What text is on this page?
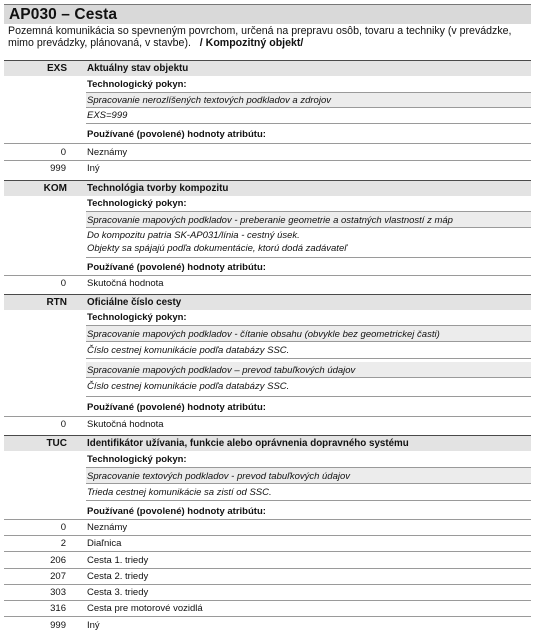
AP030 – Cesta
Pozemná komunikácia so spevneným povrchom, určená na prepravu osôb, tovaru a techniky (v prevádzke, mimo prevádzky, plánovaná, v stavbe). / Kompozitný objekt/
EXS Aktuálny stav objektu
Technologický pokyn:
Spracovanie nerozlíšených textových podkladov a zdrojov
EXS=999
Používané (povolené) hodnoty atribútu:
0 Neznámy
999 Iný
KOM Technológia tvorby kompozitu
Technologický pokyn:
Spracovanie mapových podkladov - preberanie geometrie a ostatných vlastností z máp
Do kompozitu patria SK-AP031/línia - cestný úsek.
Objekty sa spájajú podľa dokumentácie, ktorú dodá zadávateľ
Používané (povolené) hodnoty atribútu:
0 Skutočná hodnota
RTN Oficiálne číslo cesty
Technologický pokyn:
Spracovanie mapových podkladov - čítanie obsahu (obvykle bez geometrickej časti)
Číslo cestnej komunikácie podľa databázy SSC.
Spracovanie mapových podkladov – prevod tabuľkových údajov
Číslo cestnej komunikácie podľa databázy SSC.
Používané (povolené) hodnoty atribútu:
0 Skutočná hodnota
TUC Identifikátor užívania, funkcie alebo oprávnenia dopravného systému
Technologický pokyn:
Spracovanie textových podkladov - prevod tabuľkových údajov
Trieda cestnej komunikácie sa zistí od SSC.
Používané (povolené) hodnoty atribútu:
0 Neznámy
2 Diaľnica
206 Cesta 1. triedy
207 Cesta 2. triedy
303 Cesta 3. triedy
316 Cesta pre motorové vozidlá
999 Iný
